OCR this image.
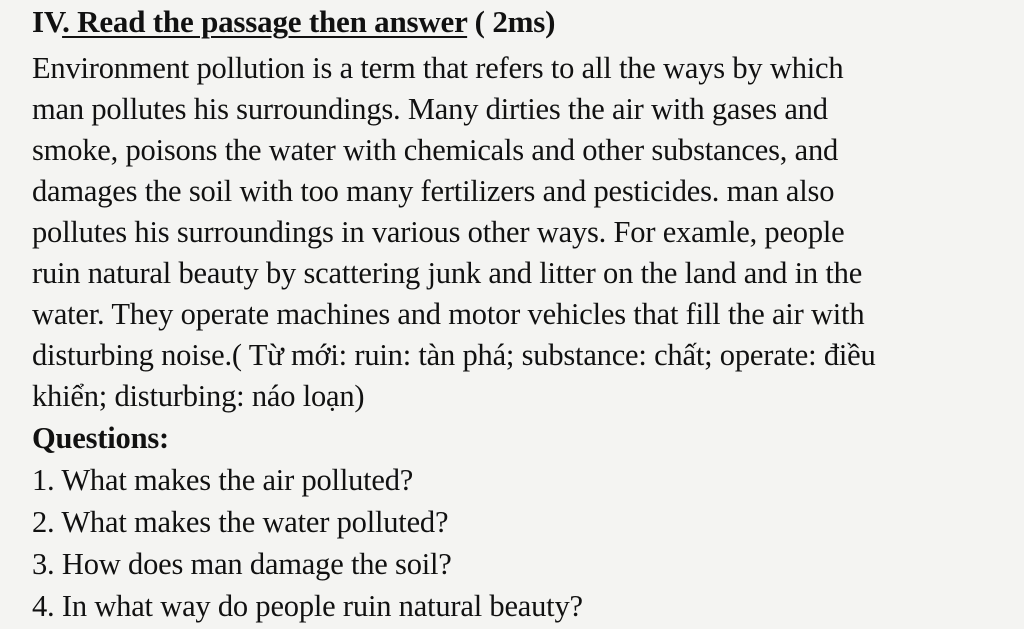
IV. Read the passage then answer ( 2ms)
Environment pollution is a term that refers to all the ways by which
man pollutes his surroundings. Many dirties the air with gases and
smoke, poisons the water with chemicals and other substances, and
damages the soil with too many fertilizers and pesticides. man also
pollutes his surroundings in various other ways. For examle, people
ruin natural beauty by scattering junk and litter on the land and in the
water. They operate machines and motor vehicles that fill the air with
disturbing noise.( Từ mới: ruin: tàn phá; substance: chất; operate: điều
khiển; disturbing: náo loạn)
Questions:
1. What makes the air polluted?
2. What makes the water polluted?
3. How does man damage the soil?
4. In what way do people ruin natural beauty?
